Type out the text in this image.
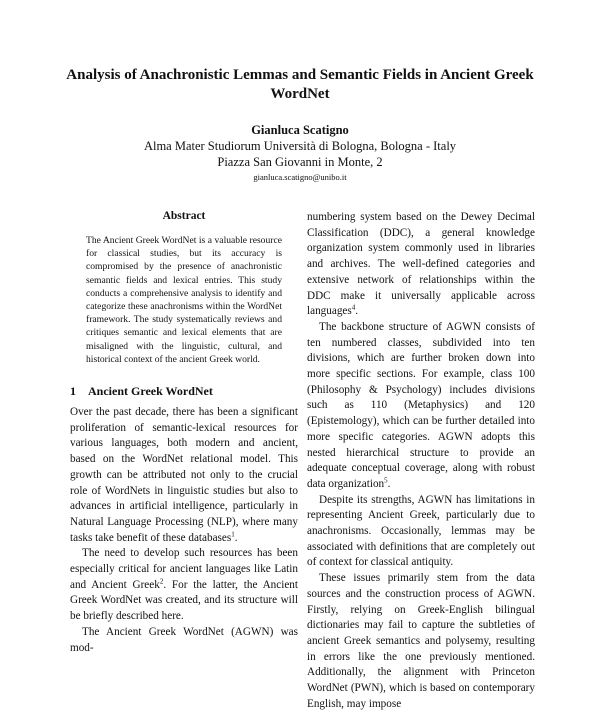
Analysis of Anachronistic Lemmas and Semantic Fields in Ancient Greek WordNet
Gianluca Scatigno
Alma Mater Studiorum Università di Bologna, Bologna - Italy
Piazza San Giovanni in Monte, 2
gianluca.scatigno@unibo.it
Abstract
The Ancient Greek WordNet is a valuable resource for classical studies, but its accuracy is compromised by the presence of anachronistic semantic fields and lexical entries. This study conducts a comprehensive analysis to identify and categorize these anachronisms within the WordNet framework. The study systematically reviews and critiques semantic and lexical elements that are misaligned with the linguistic, cultural, and historical context of the ancient Greek world.
1 Ancient Greek WordNet

Over the past decade, there has been a significant proliferation of semantic-lexical resources for various languages, both modern and ancient, based on the WordNet relational model. This growth can be attributed not only to the crucial role of WordNets in linguistic studies but also to advances in artificial intelligence, particularly in Natural Language Processing (NLP), where many tasks take benefit of these databases$^1$.

The need to develop such resources has been especially critical for ancient languages like Latin and Ancient Greek$^2$. For the latter, the Ancient Greek WordNet was created, and its structure will be briefly described here.

The Ancient Greek WordNet (AGWN) was mod-

numbering system based on the Dewey Decimal Classification (DDC), a general knowledge organization system commonly used in libraries and archives. The well-defined categories and extensive network of relationships within the DDC make it universally applicable across languages$^4$.

The backbone structure of AGWN consists of ten numbered classes, subdivided into ten divisions, which are further broken down into more specific sections. For example, class 100 (Philosophy & Psychology) includes divisions such as 110 (Metaphysics) and 120 (Epistemology), which can be further detailed into more specific categories. AGWN adopts this nested hierarchical structure to provide an adequate conceptual coverage, along with robust data organization$^5$.

Despite its strengths, AGWN has limitations in representing Ancient Greek, particularly due to anachronisms. Occasionally, lemmas may be associated with definitions that are completely out of context for classical antiquity.

These issues primarily stem from the data sources and the construction process of AGWN. Firstly, relying on Greek-English bilingual dictionaries may fail to capture the subtleties of ancient Greek semantics and polysemy, resulting in errors like the one previously mentioned. Additionally, the alignment with Princeton WordNet (PWN), which is based on contemporary English, may impose
